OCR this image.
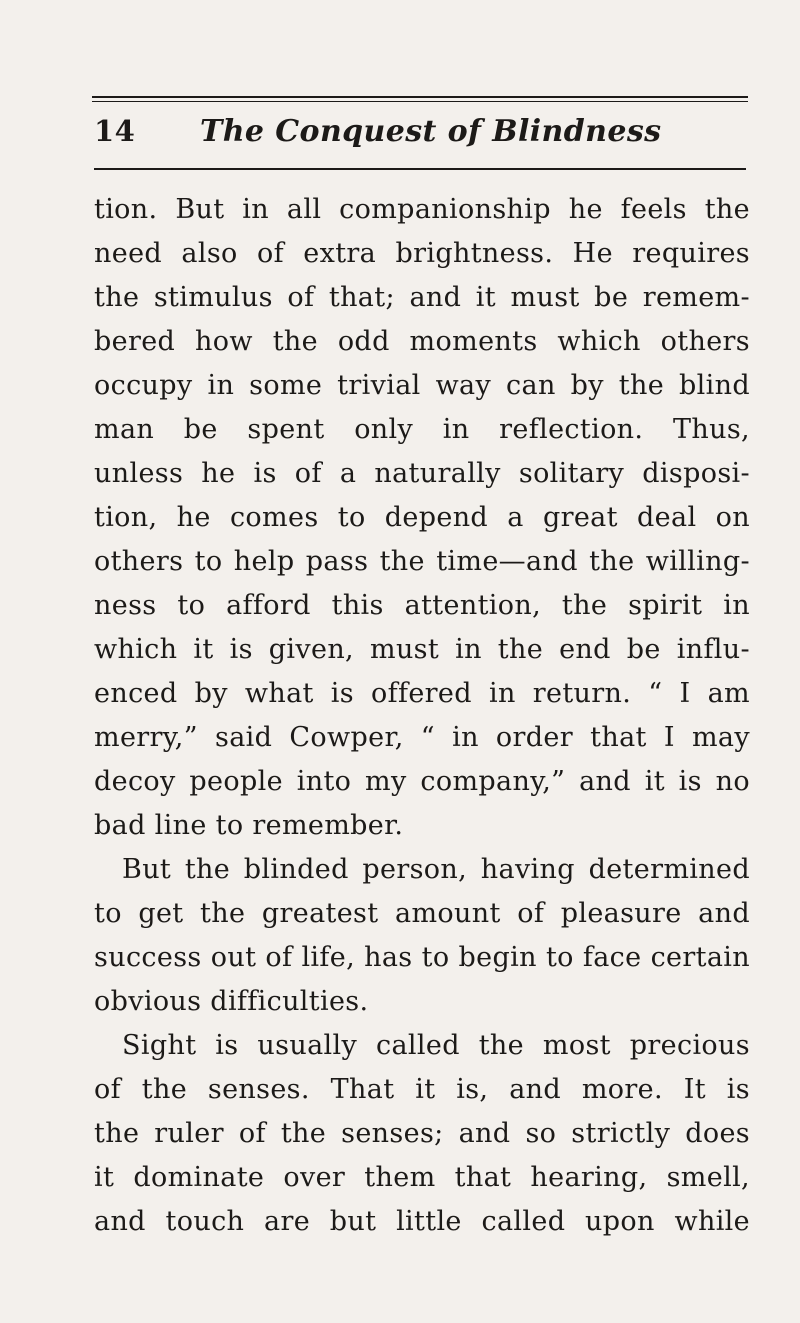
14	The Conquest of Blindness
tion. But in all companionship he feels the
need also of extra brightness. He requires
the stimulus of that; and it must be remem-
bered how the odd moments which others
occupy in some trivial way can by the blind
man be spent only in reflection. Thus,
unless he is of a naturally solitary disposi-
tion, he comes to depend a great deal on
others to help pass the time—and the willing-
ness to afford this attention, the spirit in
which it is given, must in the end be influ-
enced by what is offered in return. “ I am
merry,” said Cowper, “ in order that I may
decoy people into my company,” and it is no
bad line to remember.
But the blinded person, having determined
to get the greatest amount of pleasure and
success out of life, has to begin to face certain
obvious difficulties.
Sight is usually called the most precious
of the senses. That it is, and more. It is
the ruler of the senses; and so strictly does
it dominate over them that hearing, smell,
and touch are but little called upon while
